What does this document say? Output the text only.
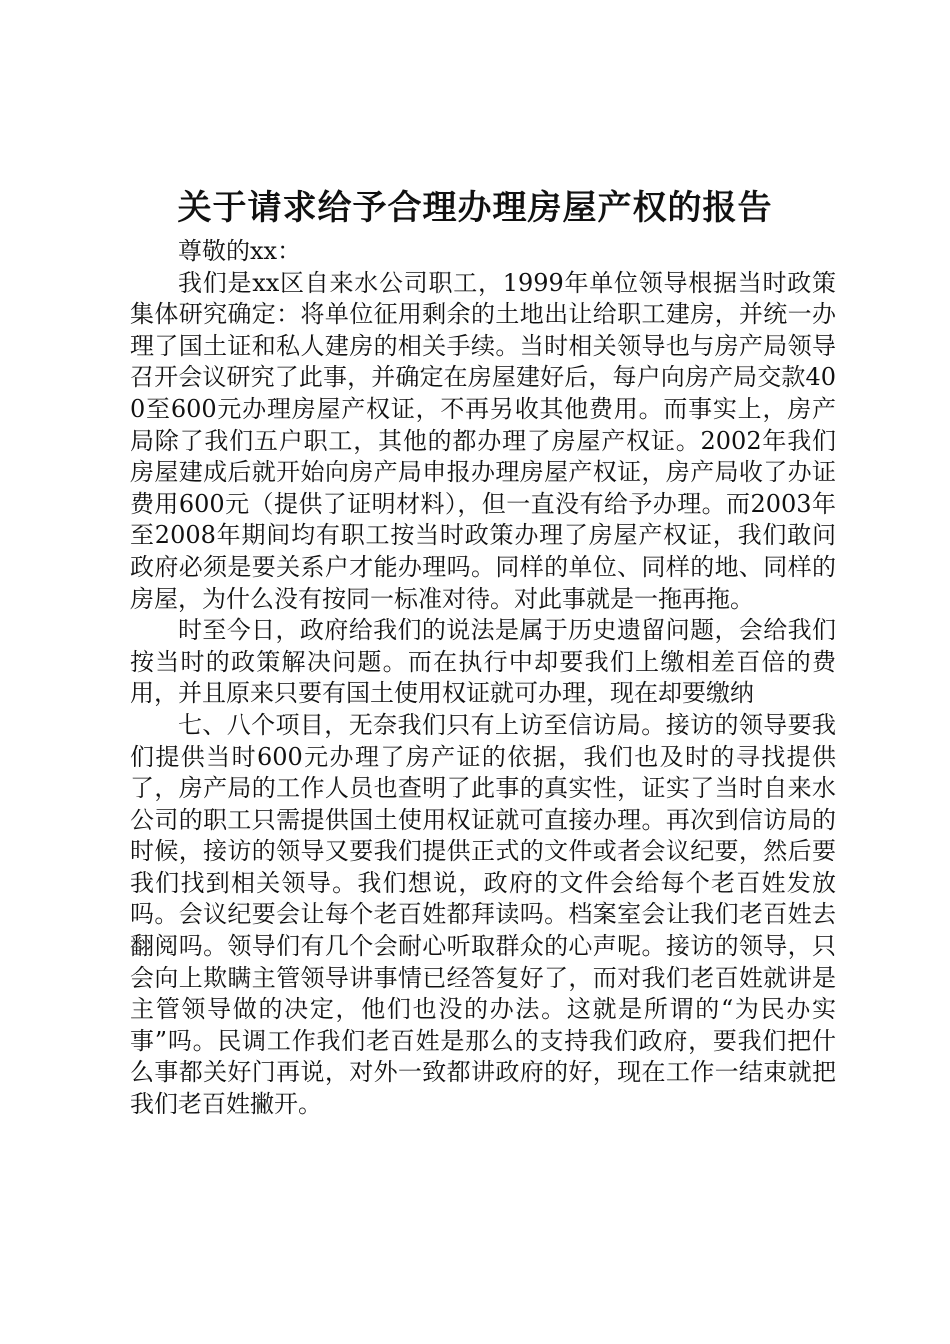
关于请求给予合理办理房屋产权的报告

尊敬的xx：

我们是xx区自来水公司职工，1999年单位领导根据当时政策集体研究确定：将单位征用剩余的土地出让给职工建房，并统一办理了国土证和私人建房的相关手续。当时相关领导也与房产局领导召开会议研究了此事，并确定在房屋建好后，每户向房产局交款400至600元办理房屋产权证，不再另收其他费用。而事实上，房产局除了我们五户职工，其他的都办理了房屋产权证。2002年我们房屋建成后就开始向房产局申报办理房屋产权证，房产局收了办证费用600元（提供了证明材料），但一直没有给予办理。而2003年至2008年期间均有职工按当时政策办理了房屋产权证，我们敢问政府必须是要关系户才能办理吗。同样的单位、同样的地、同样的房屋，为什么没有按同一标准对待。对此事就是一拖再拖。

时至今日，政府给我们的说法是属于历史遗留问题，会给我们按当时的政策解决问题。而在执行中却要我们上缴相差百倍的费用，并且原来只要有国土使用权证就可办理，现在却要缴纳

七、八个项目，无奈我们只有上访至信访局。接访的领导要我们提供当时600元办理了房产证的依据，我们也及时的寻找提供了，房产局的工作人员也查明了此事的真实性，证实了当时自来水公司的职工只需提供国土使用权证就可直接办理。再次到信访局的时候，接访的领导又要我们提供正式的文件或者会议纪要，然后要我们找到相关领导。我们想说，政府的文件会给每个老百姓发放吗。会议纪要会让每个老百姓都拜读吗。档案室会让我们老百姓去翻阅吗。领导们有几个会耐心听取群众的心声呢。接访的领导，只会向上欺瞒主管领导讲事情已经答复好了，而对我们老百姓就讲是主管领导做的决定，他们也没的办法。这就是所谓的“为民办实事”吗。民调工作我们老百姓是那么的支持我们政府，要我们把什么事都关好门再说，对外一致都讲政府的好，现在工作一结束就把我们老百姓撇开。
